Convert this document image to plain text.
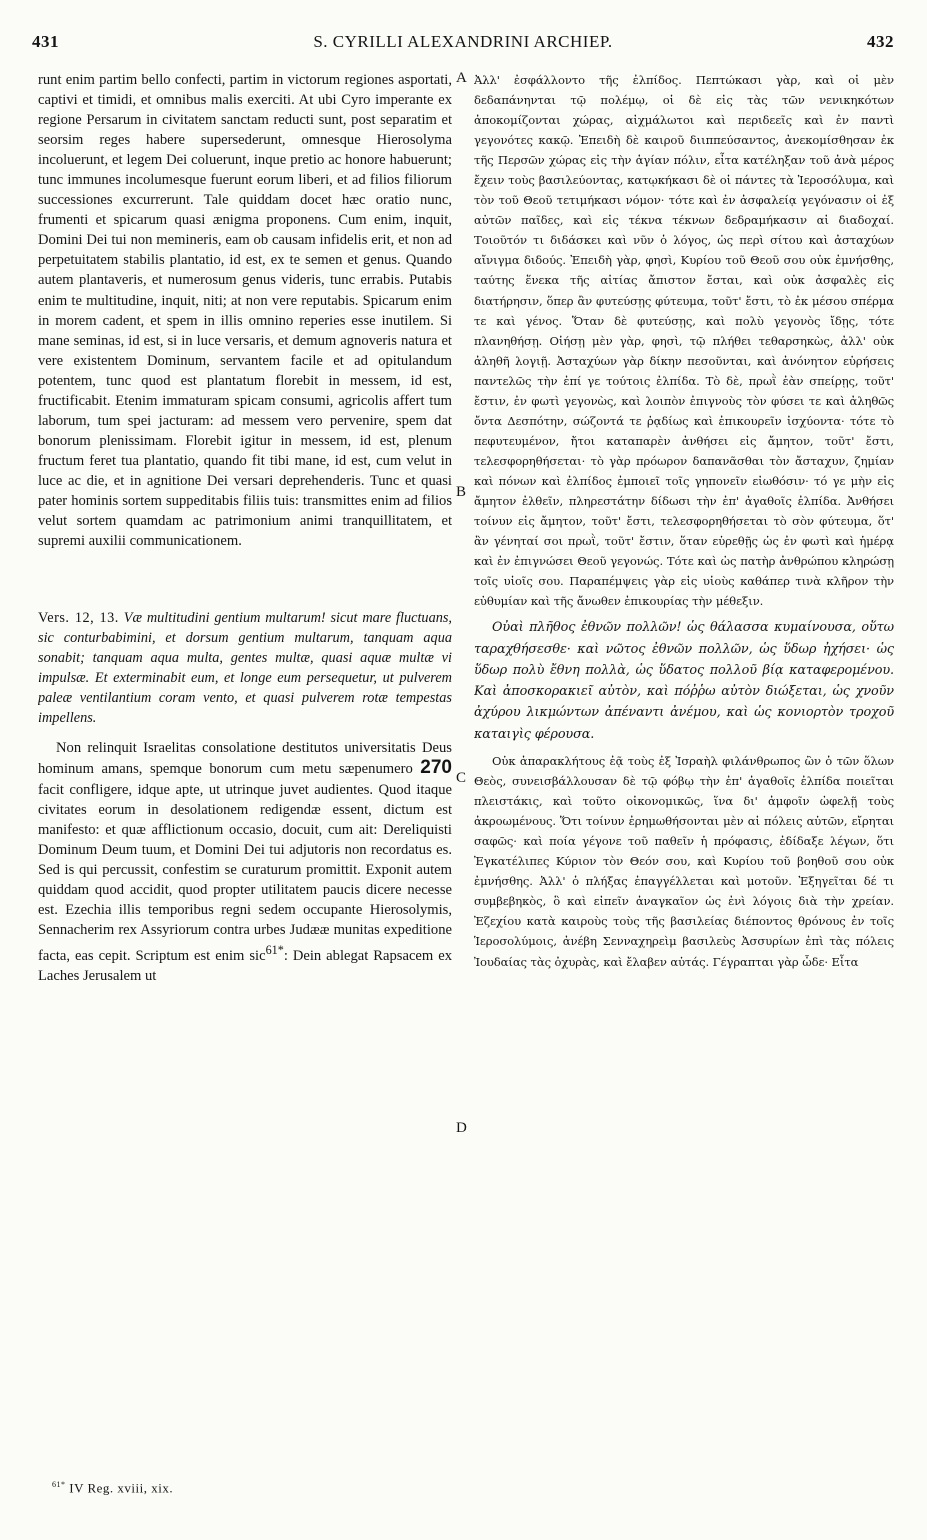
431	S. CYRILLI ALEXANDRINI ARCHIEP.	432

runt enim partim bello confecti, partim in victorum regiones asportati, captivi et timidi, et omnibus malis exerciti. At ubi Cyro imperante ex regione Persarum in civitatem sanctam reducti sunt, post separatim et seorsim reges habere supersederunt, omnesque Hierosolyma incoluerunt, et legem Dei coluerunt, inque pretio ac honore habuerunt; tunc immunes incolumesque fuerunt eorum liberi, et ad filios filiorum successiones excurrerunt. Tale quiddam docet hæc oratio nunc, frumenti et spicarum quasi ænigma proponens. Cum enim, inquit, Domini Dei tui non memineris, eam ob causam infidelis erit, et non ad perpetuitatem stabilis plantatio, id est, ex te semen et genus. Quando autem plantaveris, et numerosum genus videris, tunc errabis. Putabis enim te multitudine, inquit, niti; at non vere reputabis. Spicarum enim in morem cadent, et spem in illis omnino reperies esse inutilem. Si mane seminas, id est, si in luce versaris, et demum agnoveris natura et vere existentem Dominum, servantem facile et ad opitulandum potentem, tunc quod est plantatum florebit in messem, id est, fructificabit. Etenim immaturam spicam consumi, agricolis affert tum laborum, tum spei jacturam: ad messem vero pervenire, spem dat bonorum plenissimam. Florebit igitur in messem, id est, plenum fructum feret tua plantatio, quando fit tibi mane, id est, cum velut in luce ac die, et in agnitione Dei versari deprehenderis. Tunc et quasi pater hominis sortem suppeditabis filiis tuis: transmittes enim ad filios velut sortem quamdam ac patrimonium animi tranquillitatem, et supremi auxilii communicationem.

Vers. 12, 13. Væ multitudini gentium multarum! sicut mare fluctuans, sic conturbabimini, et dorsum gentium multarum, tanquam aqua sonabit; tanquam aqua multa, gentes multæ, quasi aquæ multæ vi impulsæ. Et exterminabit eum, et longe eum persequetur, ut pulverem paleæ ventilantium coram vento, et quasi pulverem rotæ tempestas impellens.

Non relinquit Israelitas consolatione destitutos universitatis Deus hominum amans, spemque bonorum cum metu sæpenumero 270 facit confligere, idque apte, ut utrinque juvet audientes. Quod itaque civitates eorum in desolationem redigendæ essent, dictum est manifesto: et quæ afflictionum occasio, docuit, cum ait: Dereliquisti Dominum Deum tuum, et Domini Dei tui adjutoris non recordatus es. Sed is qui percussit, confestim se curaturum promittit. Exponit autem quiddam quod accidit, quod propter utilitatem paucis dicere necesse est. Ezechia illis temporibus regni sedem occupante Hierosolymis, Sennacherim rex Assyriorum contra urbes Judææ munitas expeditione facta, eas cepit. Scriptum est enim sic$^{61*}$: Dein ablegat Rapsacem ex Laches Jerusalem ut

A
B
C
D

Ἀλλ' ἐσφάλλοντο τῆς ἐλπίδος. Πεπτώκασι γὰρ, καὶ οἱ μὲν δεδαπάνηνται τῷ πολέμῳ, οἱ δὲ εἰς τὰς τῶν νενικηκότων ἀποκομίζονται χώρας, αἰχμάλωτοι καὶ περιδεεῖς καὶ ἐν παντὶ γεγονότες κακῷ. Ἐπειδὴ δὲ καιροῦ διιππεύσαντος, ἀνεκομίσθησαν ἐκ τῆς Περσῶν χώρας εἰς τὴν ἁγίαν πόλιν, εἶτα κατέληξαν τοῦ ἀνὰ μέρος ἔχειν τοὺς βασιλεύοντας, κατῳκήκασι δὲ οἱ πάντες τὰ Ἱεροσόλυμα, καὶ τὸν τοῦ Θεοῦ τετιμήκασι νόμον· τότε καὶ ἐν ἀσφαλείᾳ γεγόνασιν οἱ ἐξ αὐτῶν παῖδες, καὶ εἰς τέκνα τέκνων δεδραμήκασιν αἱ διαδοχαί. Τοιοῦτόν τι διδάσκει καὶ νῦν ὁ λόγος, ὡς περὶ σίτου καὶ ἀσταχύων αἴνιγμα διδούς. Ἐπειδὴ γὰρ, φησὶ, Κυρίου τοῦ Θεοῦ σου οὐκ ἐμνήσθης, ταύτης ἕνεκα τῆς αἰτίας ἄπιστον ἔσται, καὶ οὐκ ἀσφαλὲς εἰς διατήρησιν, ὅπερ ἂν φυτεύσῃς φύτευμα, τοῦτ' ἔστι, τὸ ἐκ μέσου σπέρμα τε καὶ γένος. Ὅταν δὲ φυτεύσῃς, καὶ πολὺ γεγονὸς ἴδῃς, τότε πλανηθήσῃ. Οἰήσῃ μὲν γὰρ, φησὶ, τῷ πλήθει τεθαρσηκὼς, ἀλλ' οὐκ ἀληθῆ λογιῇ. Ἀσταχύων γὰρ δίκην πεσοῦνται, καὶ ἀνόνητον εὑρήσεις παντελῶς τὴν ἐπί γε τούτοις ἐλπίδα. Τὸ δὲ, πρωῒ ἐὰν σπείρῃς, τοῦτ' ἔστιν, ἐν φωτὶ γεγονὼς, καὶ λοιπὸν ἐπιγνοὺς τὸν φύσει τε καὶ ἀληθῶς ὄντα Δεσπότην, σώζοντά τε ῥᾳδίως καὶ ἐπικουρεῖν ἰσχύοντα· τότε τὸ πεφυτευμένον, ἤτοι καταπαρὲν ἀνθήσει εἰς ἄμητον, τοῦτ' ἔστι, τελεσφορηθήσεται· τὸ γὰρ πρόωρον δαπανᾶσθαι τὸν ἄσταχυν, ζημίαν καὶ πόνων καὶ ἐλπίδος ἐμποιεῖ τοῖς γηπονεῖν εἰωθόσιν· τό γε μὴν εἰς ἄμητον ἐλθεῖν, πληρεστάτην δίδωσι τὴν ἐπ' ἀγαθοῖς ἐλπίδα. Ἀνθήσει τοίνυν εἰς ἄμητον, τοῦτ' ἔστι, τελεσφορηθήσεται τὸ σὸν φύτευμα, ὅτ' ἂν γένηταί σοι πρωῒ, τοῦτ' ἔστιν, ὅταν εὑρεθῇς ὡς ἐν φωτὶ καὶ ἡμέρᾳ καὶ ἐν ἐπιγνώσει Θεοῦ γεγονώς. Τότε καὶ ὡς πατὴρ ἀνθρώπου κληρώσῃ τοῖς υἱοῖς σου. Παραπέμψεις γὰρ εἰς υἱοὺς καθάπερ τινὰ κλῆρον τὴν εὐθυμίαν καὶ τῆς ἄνωθεν ἐπικουρίας τὴν μέθεξιν.

Οὐαὶ πλῆθος ἐθνῶν πολλῶν! ὡς θάλασσα κυμαίνουσα, οὕτω ταραχθήσεσθε· καὶ νῶτος ἐθνῶν πολλῶν, ὡς ὕδωρ ἠχήσει· ὡς ὕδωρ πολὺ ἔθνη πολλὰ, ὡς ὕδατος πολλοῦ βίᾳ καταφερομένου. Καὶ ἀποσκορακιεῖ αὐτὸν, καὶ πόῤῥω αὐτὸν διώξεται, ὡς χνοῦν ἀχύρου λικμώντων ἀπέναντι ἀνέμου, καὶ ὡς κονιορτὸν τροχοῦ καταιγὶς φέρουσα.

Οὐκ ἀπαρακλήτους ἐᾷ τοὺς ἐξ Ἰσραὴλ φιλάνθρωπος ὢν ὁ τῶν ὅλων Θεὸς, συνεισβάλλουσαν δὲ τῷ φόβῳ τὴν ἐπ' ἀγαθοῖς ἐλπίδα ποιεῖται πλειστάκις, καὶ τοῦτο οἰκονομικῶς, ἵνα δι' ἀμφοῖν ὠφελῇ τοὺς ἀκροωμένους. Ὅτι τοίνυν ἐρημωθήσονται μὲν αἱ πόλεις αὐτῶν, εἴρηται σαφῶς· καὶ ποία γέγονε τοῦ παθεῖν ἡ πρόφασις, ἐδίδαξε λέγων, ὅτι Ἐγκατέλιπες Κύριον τὸν Θεόν σου, καὶ Κυρίου τοῦ βοηθοῦ σου οὐκ ἐμνήσθης. Ἀλλ' ὁ πλήξας ἐπαγγέλλεται καὶ μοτοῦν. Ἐξηγεῖται δέ τι συμβεβηκὸς, ὃ καὶ εἰπεῖν ἀναγκαῖον ὡς ἐνὶ λόγοις διὰ τὴν χρείαν. Ἐζεχίου κατὰ καιροὺς τοὺς τῆς βασιλείας διέποντος θρόνους ἐν τοῖς Ἱεροσολύμοις, ἀνέβη Σενναχηρεὶμ βασιλεὺς Ἀσσυρίων ἐπὶ τὰς πόλεις Ἰουδαίας τὰς ὀχυρὰς, καὶ ἔλαβεν αὐτάς. Γέγραπται γὰρ ὧδε· Εἶτα

$^{61*}$ IV Reg. xviii, xix.
